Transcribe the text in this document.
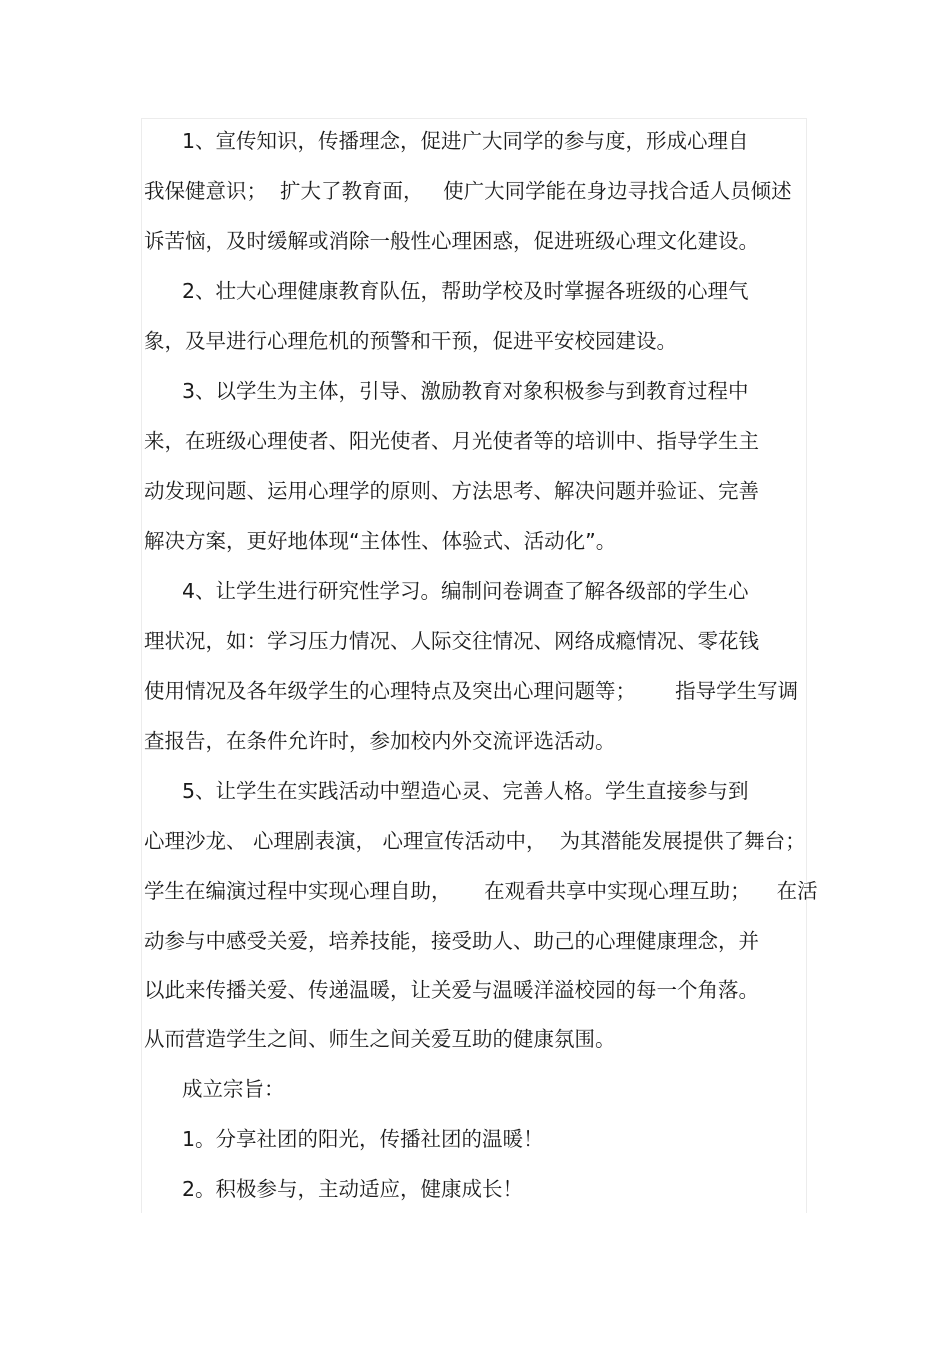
1、宣传知识，传播理念，促进广大同学的参与度，形成心理自
我保健意识；  扩大了教育面，   使广大同学能在身边寻找合适人员倾述
诉苦恼，及时缓解或消除一般性心理困惑，促进班级心理文化建设。
2、壮大心理健康教育队伍，帮助学校及时掌握各班级的心理气
象，及早进行心理危机的预警和干预，促进平安校园建设。
3、以学生为主体，引导、激励教育对象积极参与到教育过程中
来，在班级心理使者、阳光使者、月光使者等的培训中、指导学生主
动发现问题、运用心理学的原则、方法思考、解决问题并验证、完善
解决方案，更好地体现“主体性、体验式、活动化”。
4、让学生进行研究性学习。编制问卷调查了解各级部的学生心
理状况，如：学习压力情况、人际交往情况、网络成瘾情况、零花钱
使用情况及各年级学生的心理特点及突出心理问题等；      指导学生写调
查报告，在条件允许时，参加校内外交流评选活动。
5、让学生在实践活动中塑造心灵、完善人格。学生直接参与到
心理沙龙、 心理剧表演， 心理宣传活动中，  为其潜能发展提供了舞台；
学生在编演过程中实现心理自助，     在观看共享中实现心理互助；    在活
动参与中感受关爱，培养技能，接受助人、助己的心理健康理念，并
以此来传播关爱、传递温暖，让关爱与温暖洋溢校园的每一个角落。
从而营造学生之间、师生之间关爱互助的健康氛围。
成立宗旨：
1。分享社团的阳光，传播社团的温暖！
2。积极参与，主动适应，健康成长！
